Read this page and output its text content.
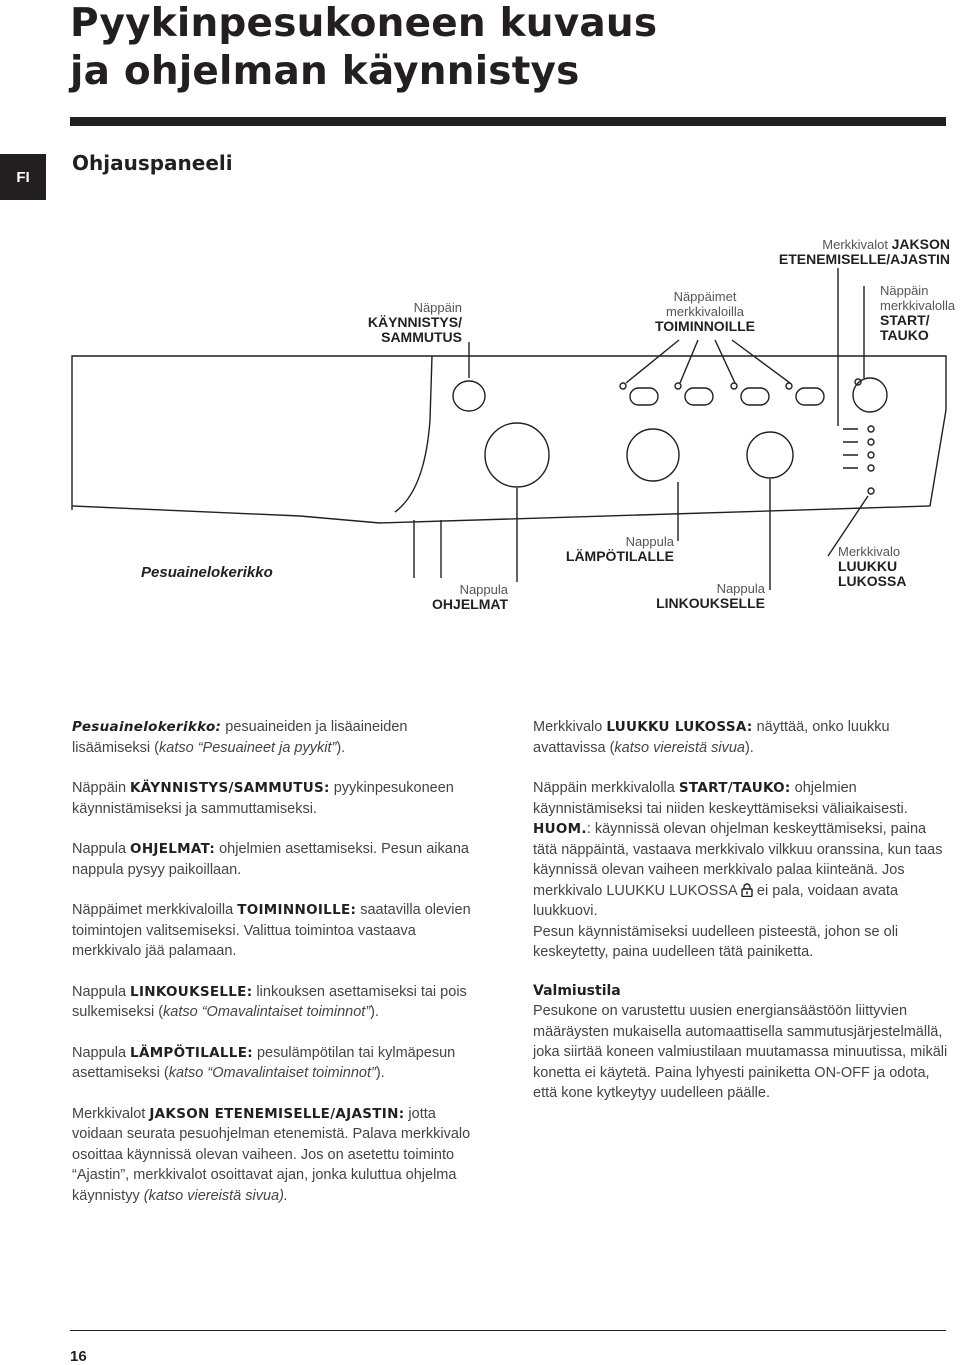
Pyykinpesukoneen kuvaus
ja ohjelman käynnistys
FI
Ohjauspaneeli
Merkkivalot JAKSON
ETENEMISELLE/AJASTIN
Näppäin
KÄYNNISTYS/
SAMMUTUS
Näppäimet
merkkivaloilla
TOIMINNOILLE
Näppäin
merkkivalolla
START/
TAUKO
Pesuainelokerikko
Nappula
OHJELMAT
Nappula
LÄMPÖTILALLE
Nappula
LINKOUKSELLE
Merkkivalo
LUUKKU
LUKOSSA

Pesuainelokerikko: pesuaineiden ja lisäaineiden lisäämiseksi (katso “Pesuaineet ja pyykit”).

Näppäin KÄYNNISTYS/SAMMUTUS: pyykinpesukoneen käynnistämiseksi ja sammuttamiseksi.

Nappula OHJELMAT: ohjelmien asettamiseksi. Pesun aikana nappula pysyy paikoillaan.

Näppäimet merkkivaloilla TOIMINNOILLE: saatavilla olevien toimintojen valitsemiseksi. Valittua toimintoa vastaava merkkivalo jää palamaan.

Nappula LINKOUKSELLE: linkouksen asettamiseksi tai pois sulkemiseksi (katso “Omavalintaiset toiminnot”).

Nappula LÄMPÖTILALLE: pesulämpötilan tai kylmäpesun asettamiseksi (katso “Omavalintaiset toiminnot”).

Merkkivalot JAKSON ETENEMISELLE/AJASTIN: jotta voidaan seurata pesuohjelman etenemistä. Palava merkkivalo osoittaa käynnissä olevan vaiheen. Jos on asetettu toiminto “Ajastin”, merkkivalot osoittavat ajan, jonka kuluttua ohjelma käynnistyy (katso viereistä sivua).

Merkkivalo LUUKKU LUKOSSA: näyttää, onko luukku avattavissa (katso viereistä sivua).

Näppäin merkkivalolla START/TAUKO: ohjelmien käynnistämiseksi tai niiden keskeyttämiseksi väliaikaisesti.
HUOM.: käynnissä olevan ohjelman keskeyttämiseksi, paina tätä näppäintä, vastaava merkkivalo vilkkuu oranssina, kun taas käynnissä olevan vaiheen merkkivalo palaa kiinteänä. Jos merkkivalo LUUKKU LUKOSSA  ei pala, voidaan avata luukkuovi.
Pesun käynnistämiseksi uudelleen pisteestä, johon se oli keskeytetty, paina uudelleen tätä painiketta.

Valmiustila
Pesukone on varustettu uusien energiansäästöön liittyvien määräysten mukaisella automaattisella sammutusjärjestelmällä, joka siirtää koneen valmiustilaan muutamassa minuutissa, mikäli konetta ei käytetä. Paina lyhyesti painiketta ON-OFF ja odota, että kone kytkeytyy uudelleen päälle.

16
